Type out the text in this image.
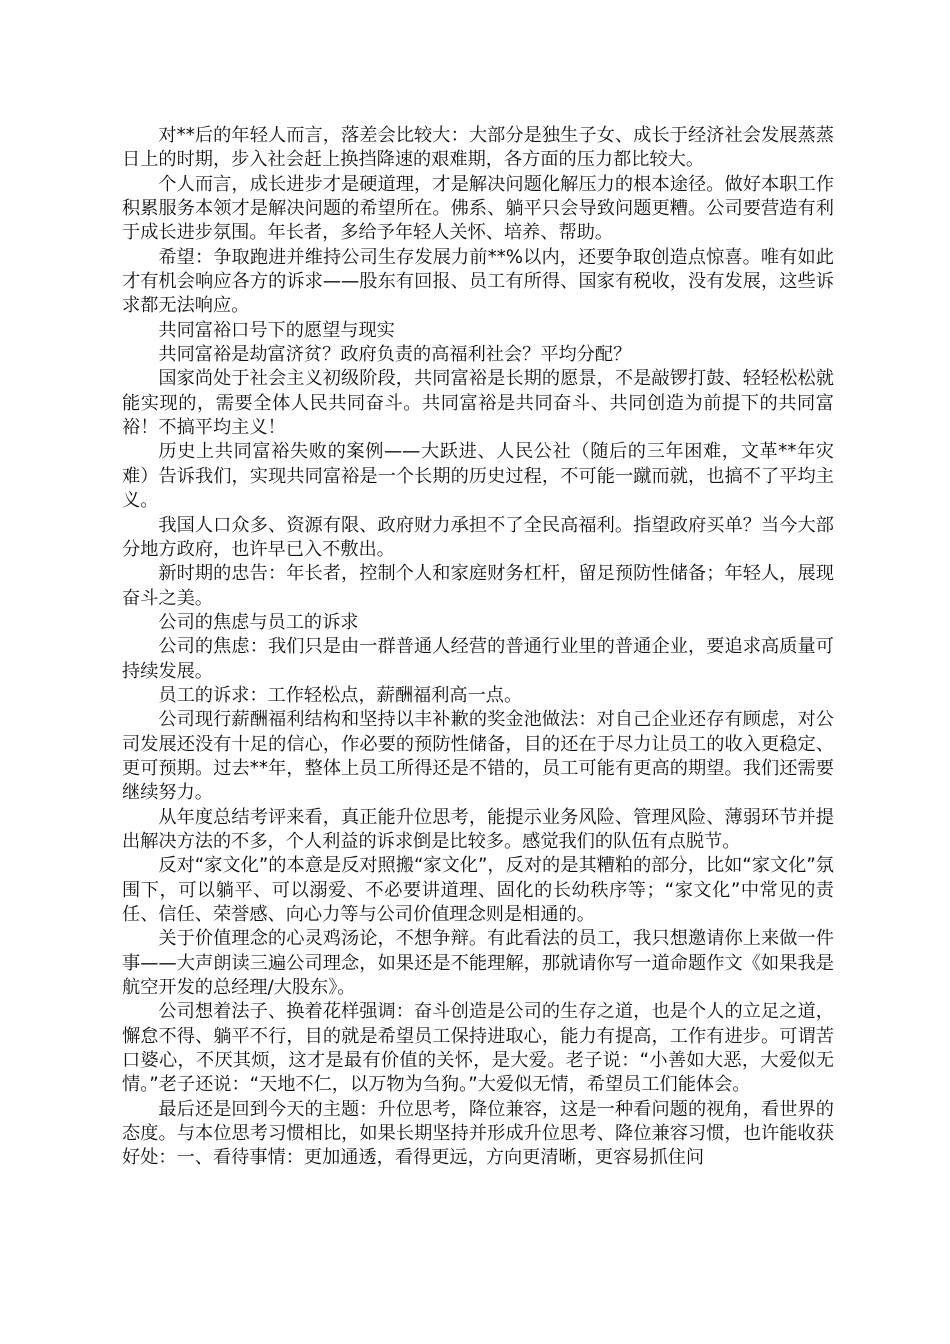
对**后的年轻人而言，落差会比较大：大部分是独生子女、成长于经济社会发展蒸蒸日上的时期，步入社会赶上换挡降速的艰难期，各方面的压力都比较大。

个人而言，成长进步才是硬道理，才是解决问题化解压力的根本途径。做好本职工作积累服务本领才是解决问题的希望所在。佛系、躺平只会导致问题更糟。公司要营造有利于成长进步氛围。年长者，多给予年轻人关怀、培养、帮助。

希望：争取跑进并维持公司生存发展力前**%以内，还要争取创造点惊喜。唯有如此才有机会响应各方的诉求——股东有回报、员工有所得、国家有税收，没有发展，这些诉求都无法响应。

共同富裕口号下的愿望与现实

共同富裕是劫富济贫？政府负责的高福利社会？平均分配？

国家尚处于社会主义初级阶段，共同富裕是长期的愿景，不是敲锣打鼓、轻轻松松就能实现的，需要全体人民共同奋斗。共同富裕是共同奋斗、共同创造为前提下的共同富裕！不搞平均主义！

历史上共同富裕失败的案例——大跃进、人民公社（随后的三年困难，文革**年灾难）告诉我们，实现共同富裕是一个长期的历史过程，不可能一蹴而就，也搞不了平均主义。

我国人口众多、资源有限、政府财力承担不了全民高福利。指望政府买单？当今大部分地方政府，也许早已入不敷出。

新时期的忠告：年长者，控制个人和家庭财务杠杆，留足预防性储备；年轻人，展现奋斗之美。

公司的焦虑与员工的诉求

公司的焦虑：我们只是由一群普通人经营的普通行业里的普通企业，要追求高质量可持续发展。

员工的诉求：工作轻松点，薪酬福利高一点。

公司现行薪酬福利结构和坚持以丰补歉的奖金池做法：对自己企业还存有顾虑，对公司发展还没有十足的信心，作必要的预防性储备，目的还在于尽力让员工的收入更稳定、更可预期。过去**年，整体上员工所得还是不错的，员工可能有更高的期望。我们还需要继续努力。

从年度总结考评来看，真正能升位思考，能提示业务风险、管理风险、薄弱环节并提出解决方法的不多，个人利益的诉求倒是比较多。感觉我们的队伍有点脱节。

反对“家文化”的本意是反对照搬“家文化”，反对的是其糟粕的部分，比如“家文化”氛围下，可以躺平、可以溺爱、不必要讲道理、固化的长幼秩序等；“家文化”中常见的责任、信任、荣誉感、向心力等与公司价值理念则是相通的。

关于价值理念的心灵鸡汤论，不想争辩。有此看法的员工，我只想邀请你上来做一件事——大声朗读三遍公司理念，如果还是不能理解，那就请你写一道命题作文《如果我是航空开发的总经理/大股东》。

公司想着法子、换着花样强调：奋斗创造是公司的生存之道，也是个人的立足之道，懈怠不得、躺平不行，目的就是希望员工保持进取心，能力有提高，工作有进步。可谓苦口婆心，不厌其烦，这才是最有价值的关怀，是大爱。老子说：“小善如大恶，大爱似无情。”老子还说：“天地不仁，以万物为刍狗。”大爱似无情，希望员工们能体会。

最后还是回到今天的主题：升位思考，降位兼容，这是一种看问题的视角，看世界的态度。与本位思考习惯相比，如果长期坚持并形成升位思考、降位兼容习惯，也许能收获好处：一、看待事情：更加通透，看得更远，方向更清晰，更容易抓住问
